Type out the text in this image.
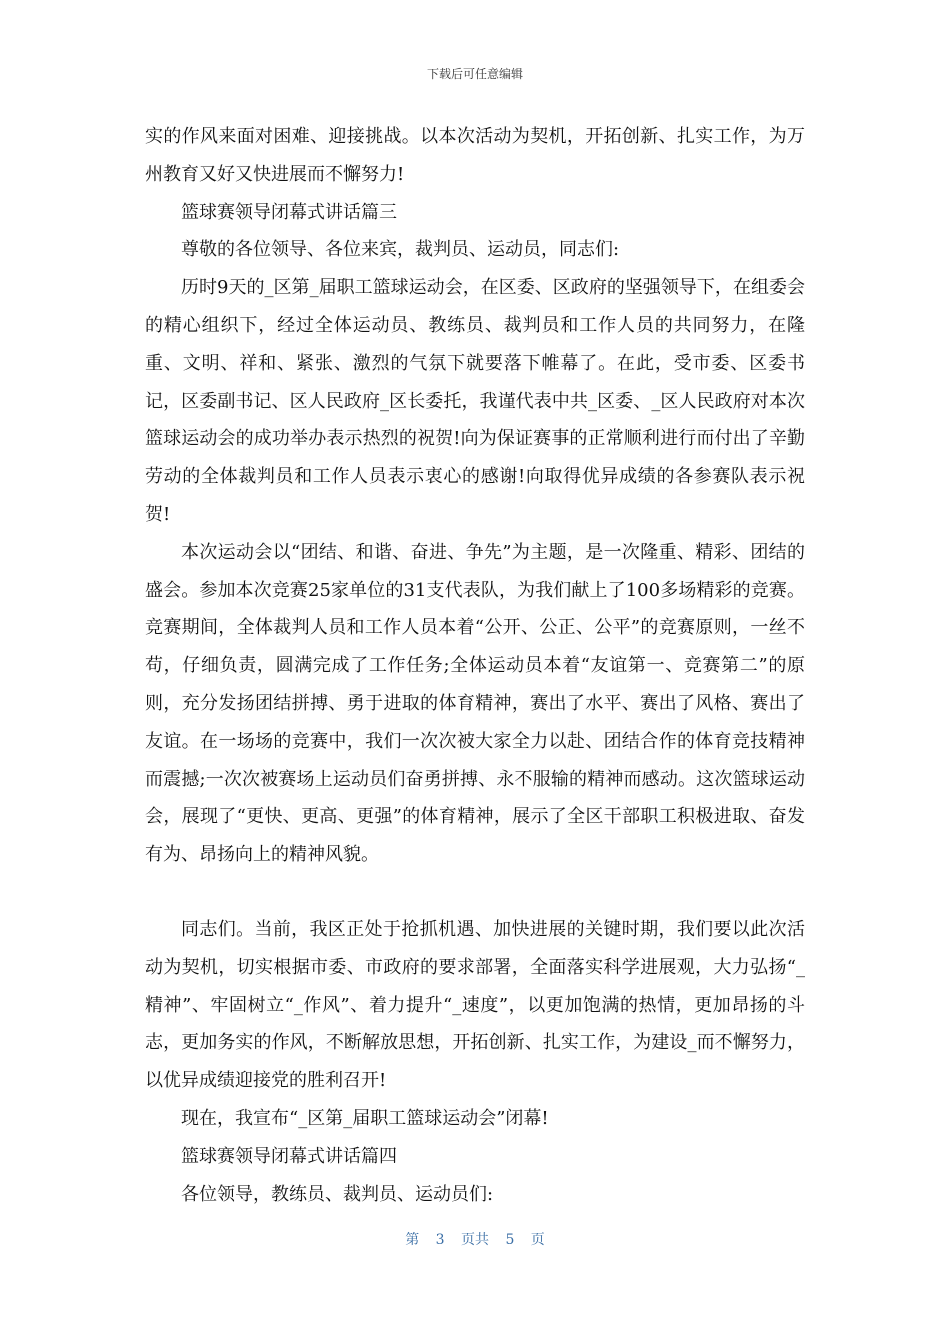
下载后可任意编辑

实的作风来面对困难、迎接挑战。以本次活动为契机，开拓创新、扎实工作，为万州教育又好又快进展而不懈努力!

篮球赛领导闭幕式讲话篇三

尊敬的各位领导、各位来宾，裁判员、运动员，同志们:

历时9天的_区第_届职工篮球运动会，在区委、区政府的坚强领导下，在组委会的精心组织下，经过全体运动员、教练员、裁判员和工作人员的共同努力，在隆重、文明、祥和、紧张、激烈的气氛下就要落下帷幕了。在此，受市委、区委书记，区委副书记、区人民政府_区长委托，我谨代表中共_区委、_区人民政府对本次篮球运动会的成功举办表示热烈的祝贺!向为保证赛事的正常顺利进行而付出了辛勤劳动的全体裁判员和工作人员表示衷心的感谢!向取得优异成绩的各参赛队表示祝贺!

本次运动会以“团结、和谐、奋进、争先”为主题，是一次隆重、精彩、团结的盛会。参加本次竞赛25家单位的31支代表队，为我们献上了100多场精彩的竞赛。竞赛期间，全体裁判人员和工作人员本着“公开、公正、公平”的竞赛原则，一丝不苟，仔细负责，圆满完成了工作任务;全体运动员本着“友谊第一、竞赛第二”的原则，充分发扬团结拼搏、勇于进取的体育精神，赛出了水平、赛出了风格、赛出了友谊。在一场场的竞赛中，我们一次次被大家全力以赴、团结合作的体育竞技精神而震撼;一次次被赛场上运动员们奋勇拼搏、永不服输的精神而感动。这次篮球运动会，展现了“更快、更高、更强”的体育精神，展示了全区干部职工积极进取、奋发有为、昂扬向上的精神风貌。

同志们。当前，我区正处于抢抓机遇、加快进展的关键时期，我们要以此次活动为契机，切实根据市委、市政府的要求部署，全面落实科学进展观，大力弘扬“_精神”、牢固树立“_作风”、着力提升“_速度”，以更加饱满的热情，更加昂扬的斗志，更加务实的作风，不断解放思想，开拓创新、扎实工作，为建设_而不懈努力，以优异成绩迎接党的胜利召开!

现在，我宣布“_区第_届职工篮球运动会”闭幕!

篮球赛领导闭幕式讲话篇四

各位领导，教练员、裁判员、运动员们:

第 3 页共 5 页
